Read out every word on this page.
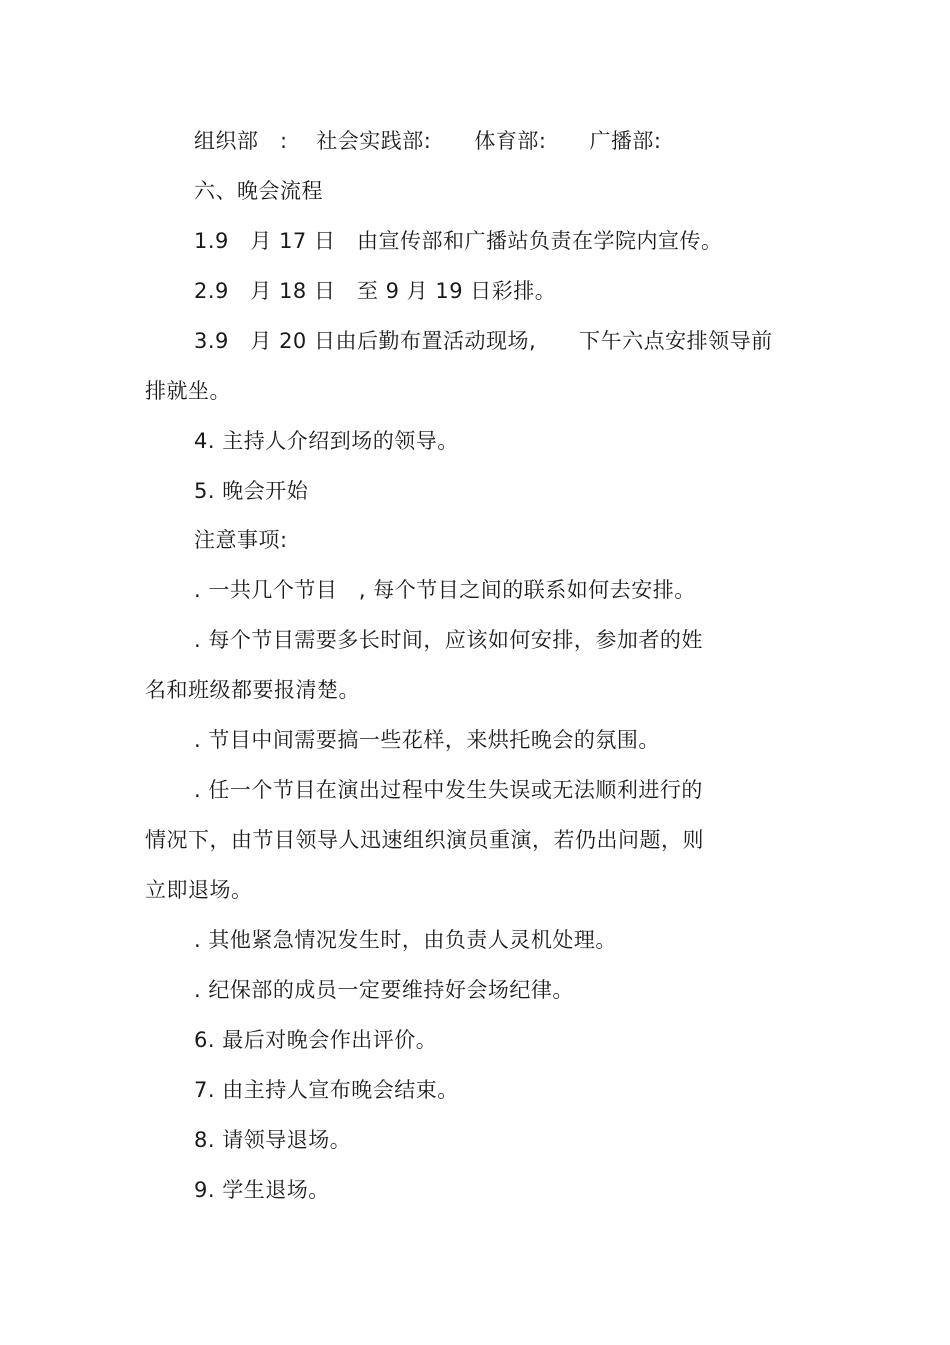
组织部　:　 社会实践部:　　体育部:　　广播部:
六、晚会流程
1.9　月 17 日　由宣传部和广播站负责在学院内宣传。
2.9　月 18 日　至 9 月 19 日彩排。
3.9　月 20 日由后勤布置活动现场,　　下午六点安排领导前
排就坐。
4. 主持人介绍到场的领导。
5. 晚会开始
注意事项:
. 一共几个节目　, 每个节目之间的联系如何去安排。
. 每个节目需要多长时间，应该如何安排，参加者的姓
名和班级都要报清楚。
. 节目中间需要搞一些花样，来烘托晚会的氛围。
. 任一个节目在演出过程中发生失误或无法顺利进行的
情况下，由节目领导人迅速组织演员重演，若仍出问题，则
立即退场。
. 其他紧急情况发生时，由负责人灵机处理。
. 纪保部的成员一定要维持好会场纪律。
6. 最后对晚会作出评价。
7. 由主持人宣布晚会结束。
8. 请领导退场。
9. 学生退场。
